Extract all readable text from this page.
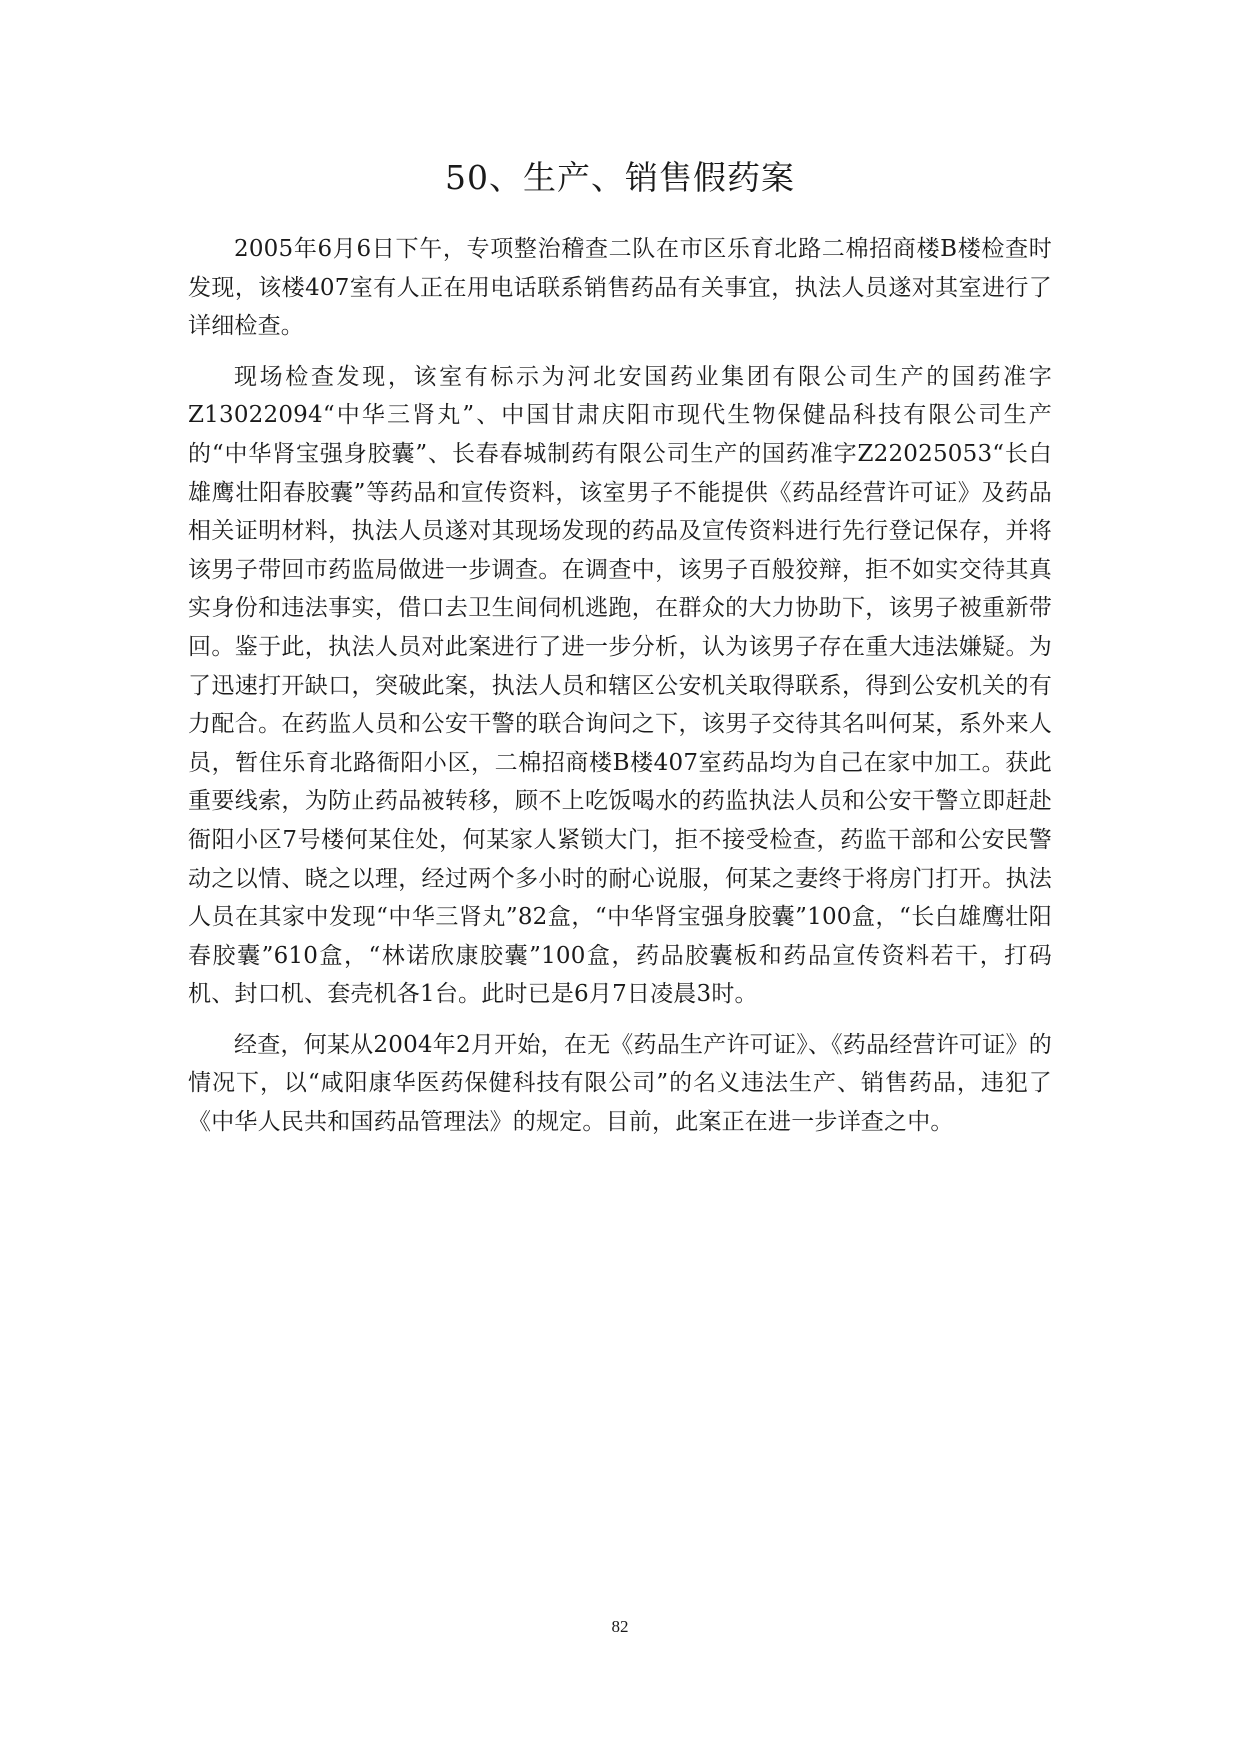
50、生产、销售假药案

2005年6月6日下午，专项整治稽查二队在市区乐育北路二棉招商楼B楼检查时发现，该楼407室有人正在用电话联系销售药品有关事宜，执法人员遂对其室进行了详细检查。

现场检查发现，该室有标示为河北安国药业集团有限公司生产的国药准字Z13022094“中华三肾丸”、中国甘肃庆阳市现代生物保健品科技有限公司生产的“中华肾宝强身胶囊”、长春春城制药有限公司生产的国药准字Z22025053“长白雄鹰壮阳春胶囊”等药品和宣传资料，该室男子不能提供《药品经营许可证》及药品相关证明材料，执法人员遂对其现场发现的药品及宣传资料进行先行登记保存，并将该男子带回市药监局做进一步调查。在调查中，该男子百般狡辩，拒不如实交待其真实身份和违法事实，借口去卫生间伺机逃跑，在群众的大力协助下，该男子被重新带回。鉴于此，执法人员对此案进行了进一步分析，认为该男子存在重大违法嫌疑。为了迅速打开缺口，突破此案，执法人员和辖区公安机关取得联系，得到公安机关的有力配合。在药监人员和公安干警的联合询问之下，该男子交待其名叫何某，系外来人员，暂住乐育北路衙阳小区，二棉招商楼B楼407室药品均为自己在家中加工。获此重要线索，为防止药品被转移，顾不上吃饭喝水的药监执法人员和公安干警立即赶赴衙阳小区7号楼何某住处，何某家人紧锁大门，拒不接受检查，药监干部和公安民警动之以情、晓之以理，经过两个多小时的耐心说服，何某之妻终于将房门打开。执法人员在其家中发现“中华三肾丸”82盒，“中华肾宝强身胶囊”100盒，“长白雄鹰壮阳春胶囊”610盒，“林诺欣康胶囊”100盒，药品胶囊板和药品宣传资料若干，打码机、封口机、套壳机各1台。此时已是6月7日凌晨3时。

经查，何某从2004年2月开始，在无《药品生产许可证》、《药品经营许可证》的情况下，以“咸阳康华医药保健科技有限公司”的名义违法生产、销售药品，违犯了《中华人民共和国药品管理法》的规定。目前，此案正在进一步详查之中。

82
